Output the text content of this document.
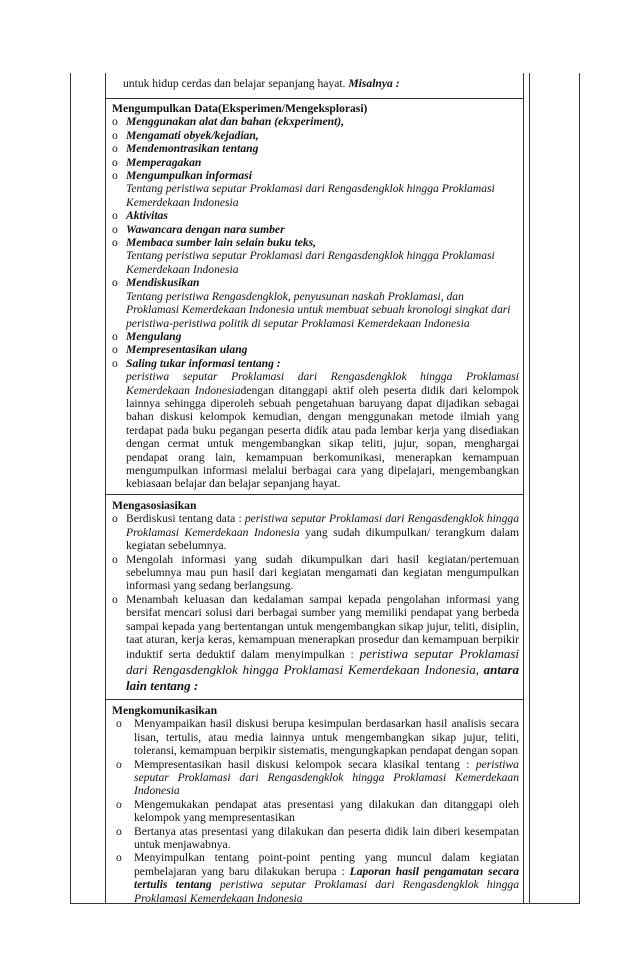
untuk hidup cerdas dan belajar sepanjang hayat. Misalnya :
Mengumpulkan Data(Eksperimen/Mengeksplorasi)
o Menggunakan alat dan bahan (ekxperiment),
o Mengamati obyek/kejadian,
o Mendemontrasikan tentang
o Memperagakan
o Mengumpulkan informasi
Tentang peristiwa seputar Proklamasi dari Rengasdengklok hingga Proklamasi Kemerdekaan Indonesia
o Aktivitas
o Wawancara dengan nara sumber
o Membaca sumber lain selain buku teks,
Tentang peristiwa seputar Proklamasi dari Rengasdengklok hingga Proklamasi Kemerdekaan Indonesia
o Mendiskusikan
Tentang peristiwa Rengasdengklok, penyusunan naskah Proklamasi, dan Proklamasi Kemerdekaan Indonesia untuk membuat sebuah kronologi singkat dari peristiwa-peristiwa politik di seputar Proklamasi Kemerdekaan Indonesia
o Mengulang
o Mempresentasikan ulang
o Saling tukar informasi tentang :
peristiwa seputar Proklamasi dari Rengasdengklok hingga Proklamasi Kemerdekaan Indonesiadengan ditanggapi aktif oleh peserta didik dari kelompok lainnya sehingga diperoleh sebuah pengetahuan baruyang dapat dijadikan sebagai bahan diskusi kelompok kemudian, dengan menggunakan metode ilmiah yang terdapat pada buku pegangan peserta didik atau pada lembar kerja yang disediakan dengan cermat untuk mengembangkan sikap teliti, jujur, sopan, menghargai pendapat orang lain, kemampuan berkomunikasi, menerapkan kemampuan mengumpulkan informasi melalui berbagai cara yang dipelajari, mengembangkan kebiasaan belajar dan belajar sepanjang hayat.
Mengasosiasikan
o Berdiskusi tentang data : peristiwa seputar Proklamasi dari Rengasdengklok hingga Proklamasi Kemerdekaan Indonesia yang sudah dikumpulkan/ terangkum dalam kegiatan sebelumnya.
o Mengolah informasi yang sudah dikumpulkan dari hasil kegiatan/pertemuan sebelumnya mau pun hasil dari kegiatan mengamati dan kegiatan mengumpulkan informasi yang sedang berlangsung.
o Menambah keluasan dan kedalaman sampai kepada pengolahan informasi yang bersifat mencari solusi dari berbagai sumber yang memiliki pendapat yang berbeda sampai kepada yang bertentangan untuk mengembangkan sikap jujur, teliti, disiplin, taat aturan, kerja keras, kemampuan menerapkan prosedur dan kemampuan berpikir induktif serta deduktif dalam menyimpulkan : peristiwa seputar Proklamasi dari Rengasdengklok hingga Proklamasi Kemerdekaan Indonesia, antara lain tentang :
Mengkomunikasikan
o Menyampaikan hasil diskusi berupa kesimpulan berdasarkan hasil analisis secara lisan, tertulis, atau media lainnya untuk mengembangkan sikap jujur, teliti, toleransi, kemampuan berpikir sistematis, mengungkapkan pendapat dengan sopan
o Mempresentasikan hasil diskusi kelompok secara klasikal tentang : peristiwa seputar Proklamasi dari Rengasdengklok hingga Proklamasi Kemerdekaan Indonesia
o Mengemukakan pendapat atas presentasi yang dilakukan dan ditanggapi oleh kelompok yang mempresentasikan
o Bertanya atas presentasi yang dilakukan dan peserta didik lain diberi kesempatan untuk menjawabnya.
o Menyimpulkan tentang point-point penting yang muncul dalam kegiatan pembelajaran yang baru dilakukan berupa : Laporan hasil pengamatan secara tertulis tentang peristiwa seputar Proklamasi dari Rengasdengklok hingga Proklamasi Kemerdekaan Indonesia
